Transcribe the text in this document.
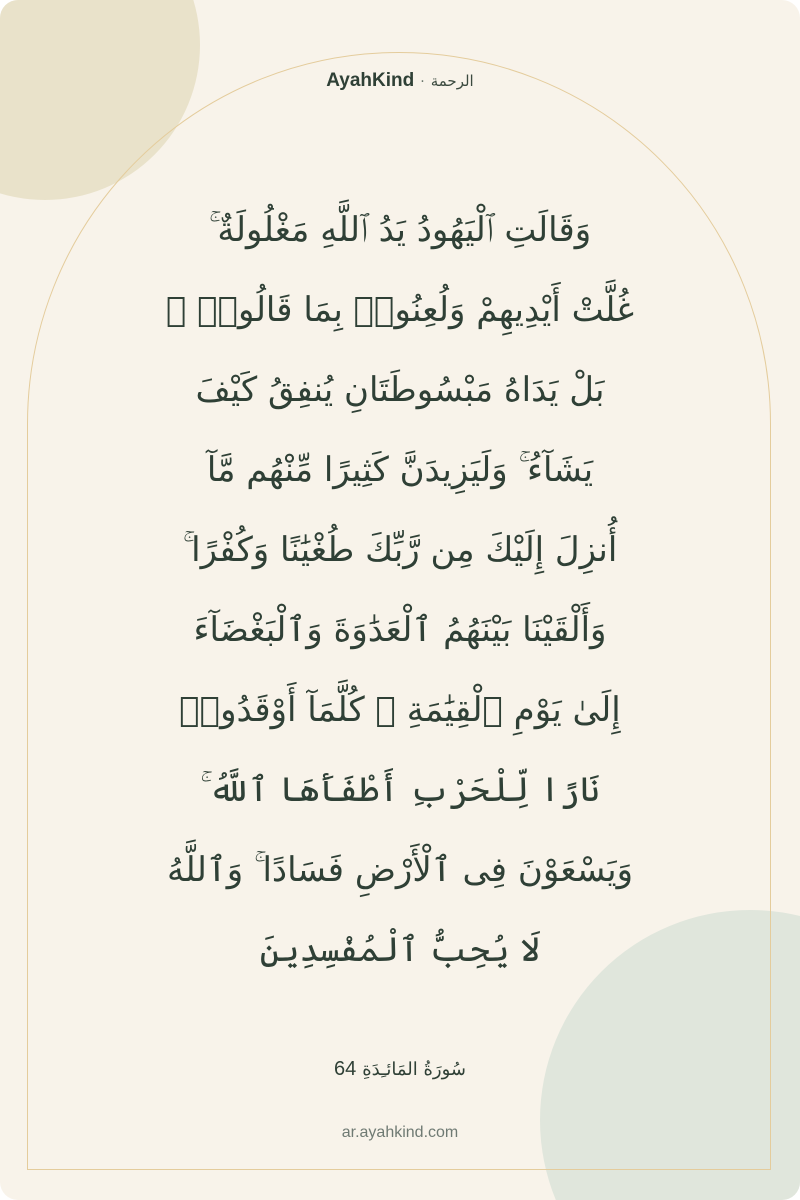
AyahKind · الرحمة
وَقَالَتِ ٱلْيَهُودُ يَدُ ٱللَّهِ مَغْلُولَةٌ ۚ
غُلَّتْ أَيْدِيهِمْ وَلُعِنُوا۟ بِمَا قَالُوا۟ ۘ
بَلْ يَدَاهُ مَبْسُوطَتَانِ يُنفِقُ كَيْفَ
يَشَآءُ ۚ وَلَيَزِيدَنَّ كَثِيرًا مِّنْهُم مَّآ
أُنزِلَ إِلَيْكَ مِن رَّبِّكَ طُغْيَٰنًا وَكُفْرًا ۚ
وَأَلْقَيْنَا بَيْنَهُمُ ٱلْعَدَٰوَةَ وَٱلْبَغْضَآءَ
إِلَىٰ يَوْمِ ٱلْقِيَٰمَةِ ۚ كُلَّمَآ أَوْقَدُوا۟
نَارًا لِّلْحَرْبِ أَطْفَأَهَا ٱللَّهُ ۚ
وَيَسْعَوْنَ فِى ٱلْأَرْضِ فَسَادًا ۚ وَٱللَّهُ
لَا يُحِبُّ ٱلْمُفْسِدِينَ
سُورَةُ المَائـِدَةِ64
ar.ayahkind.com
